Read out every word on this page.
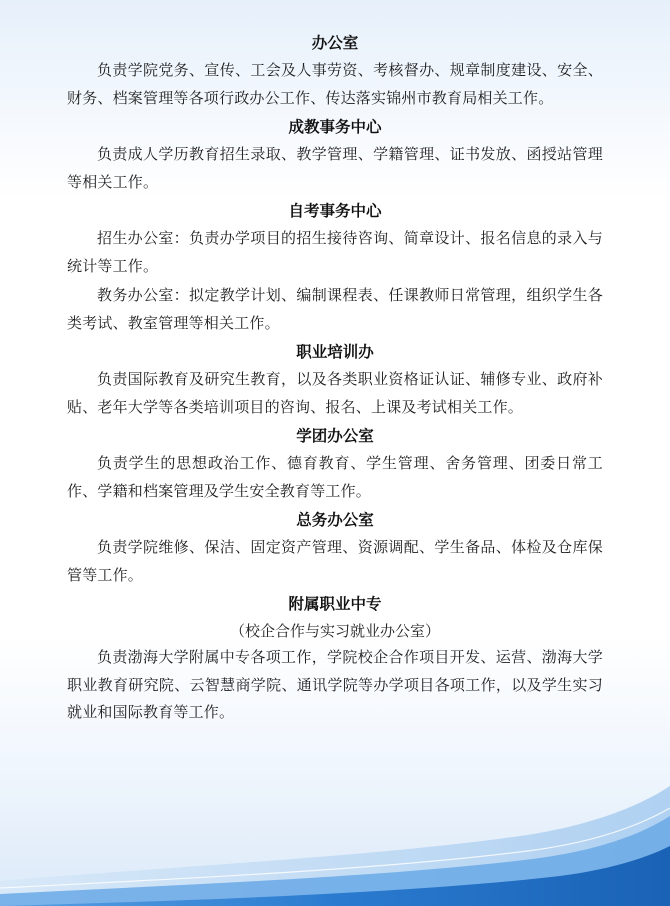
办公室

负责学院党务、宣传、工会及人事劳资、考核督办、规章制度建设、安全、财务、档案管理等各项行政办公工作、传达落实锦州市教育局相关工作。

成教事务中心

负责成人学历教育招生录取、教学管理、学籍管理、证书发放、函授站管理等相关工作。

自考事务中心

招生办公室：负责办学项目的招生接待咨询、简章设计、报名信息的录入与统计等工作。

教务办公室：拟定教学计划、编制课程表、任课教师日常管理，组织学生各类考试、教室管理等相关工作。

职业培训办

负责国际教育及研究生教育，以及各类职业资格证认证、辅修专业、政府补贴、老年大学等各类培训项目的咨询、报名、上课及考试相关工作。

学团办公室

负责学生的思想政治工作、德育教育、学生管理、舍务管理、团委日常工作、学籍和档案管理及学生安全教育等工作。

总务办公室

负责学院维修、保洁、固定资产管理、资源调配、学生备品、体检及仓库保管等工作。

附属职业中专
（校企合作与实习就业办公室）

负责渤海大学附属中专各项工作，学院校企合作项目开发、运营、渤海大学职业教育研究院、云智慧商学院、通讯学院等办学项目各项工作，以及学生实习就业和国际教育等工作。
